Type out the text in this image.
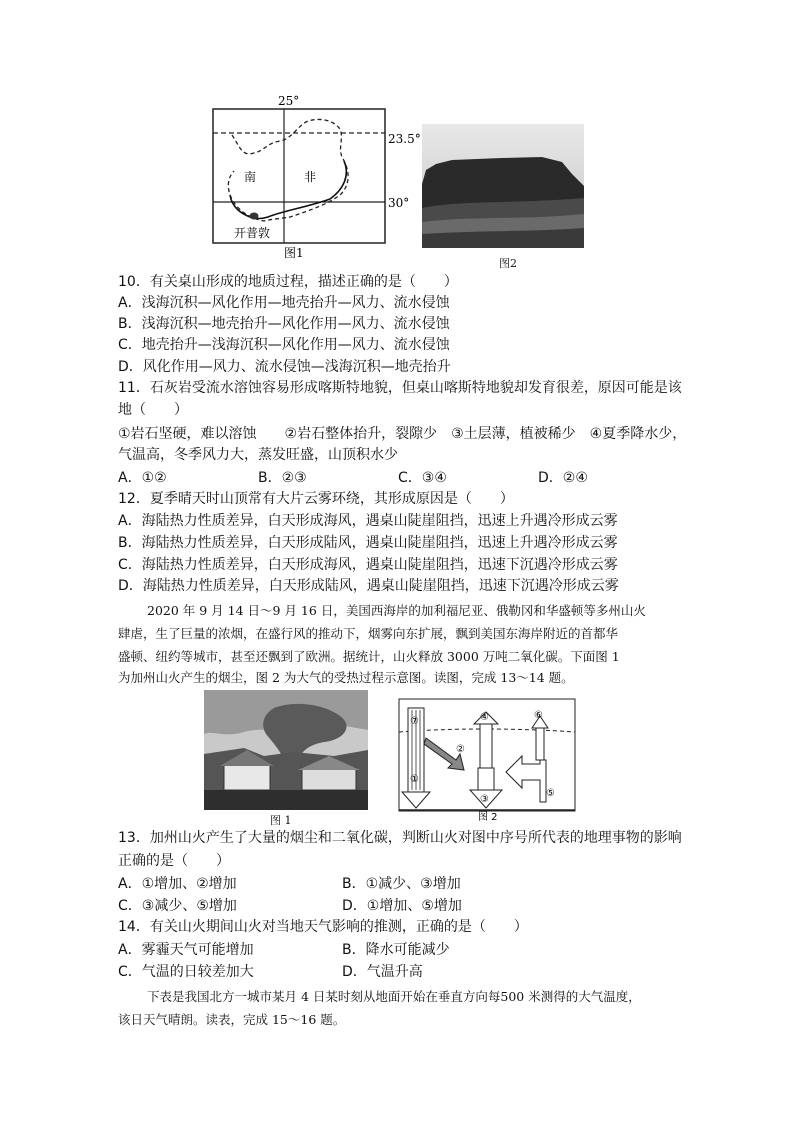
25°
23.5°
30°
南	非
开普敦
图1
图2
10．有关桌山形成的地质过程，描述正确的是（　　）
A．浅海沉积—风化作用—地壳抬升—风力、流水侵蚀
B．浅海沉积—地壳抬升—风化作用—风力、流水侵蚀
C．地壳抬升—浅海沉积—风化作用—风力、流水侵蚀
D．风化作用—风力、流水侵蚀—浅海沉积—地壳抬升
11．石灰岩受流水溶蚀容易形成喀斯特地貌，但桌山喀斯特地貌却发育很差，原因可能是该
地（　　）
①岩石坚硬，难以溶蚀　　②岩石整体抬升，裂隙少　③土层薄，植被稀少　④夏季降水少，
气温高，冬季风力大，蒸发旺盛，山顶积水少
A．①②	B．②③	C．③④	D．②④
12．夏季晴天时山顶常有大片云雾环绕，其形成原因是（　　）
A．海陆热力性质差异，白天形成海风，遇桌山陡崖阻挡，迅速上升遇冷形成云雾
B．海陆热力性质差异，白天形成陆风，遇桌山陡崖阻挡，迅速上升遇冷形成云雾
C．海陆热力性质差异，白天形成海风，遇桌山陡崖阻挡，迅速下沉遇冷形成云雾
D．海陆热力性质差异，白天形成陆风，遇桌山陡崖阻挡，迅速下沉遇冷形成云雾
2020 年 9 月 14 日～9 月 16 日，美国西海岸的加利福尼亚、俄勒冈和华盛顿等多州山火
肆虐，生了巨量的浓烟，在盛行风的推动下，烟雾向东扩展，飘到美国东海岸附近的首都华
盛顿、纽约等城市，甚至还飘到了欧洲。据统计，山火释放 3000 万吨二氧化碳。下面图 1
为加州山火产生的烟尘，图 2 为大气的受热过程示意图。读图，完成 13～14 题。
图 1
⑦
①
②
③
④
⑤
⑥
图 2
13．加州山火产生了大量的烟尘和二氧化碳，判断山火对图中序号所代表的地理事物的影响
正确的是（　　）
A．①增加、②增加	B．①减少、③增加
C．③减少、⑤增加	D．①增加、⑤增加
14．有关山火期间山火对当地天气影响的推测，正确的是（　　）
A．雾霾天气可能增加	B．降水可能减少
C．气温的日较差加大	D．气温升高
下表是我国北方一城市某月 4 日某时刻从地面开始在垂直方向每500 米测得的大气温度，
该日天气晴朗。读表，完成 15～16 题。
